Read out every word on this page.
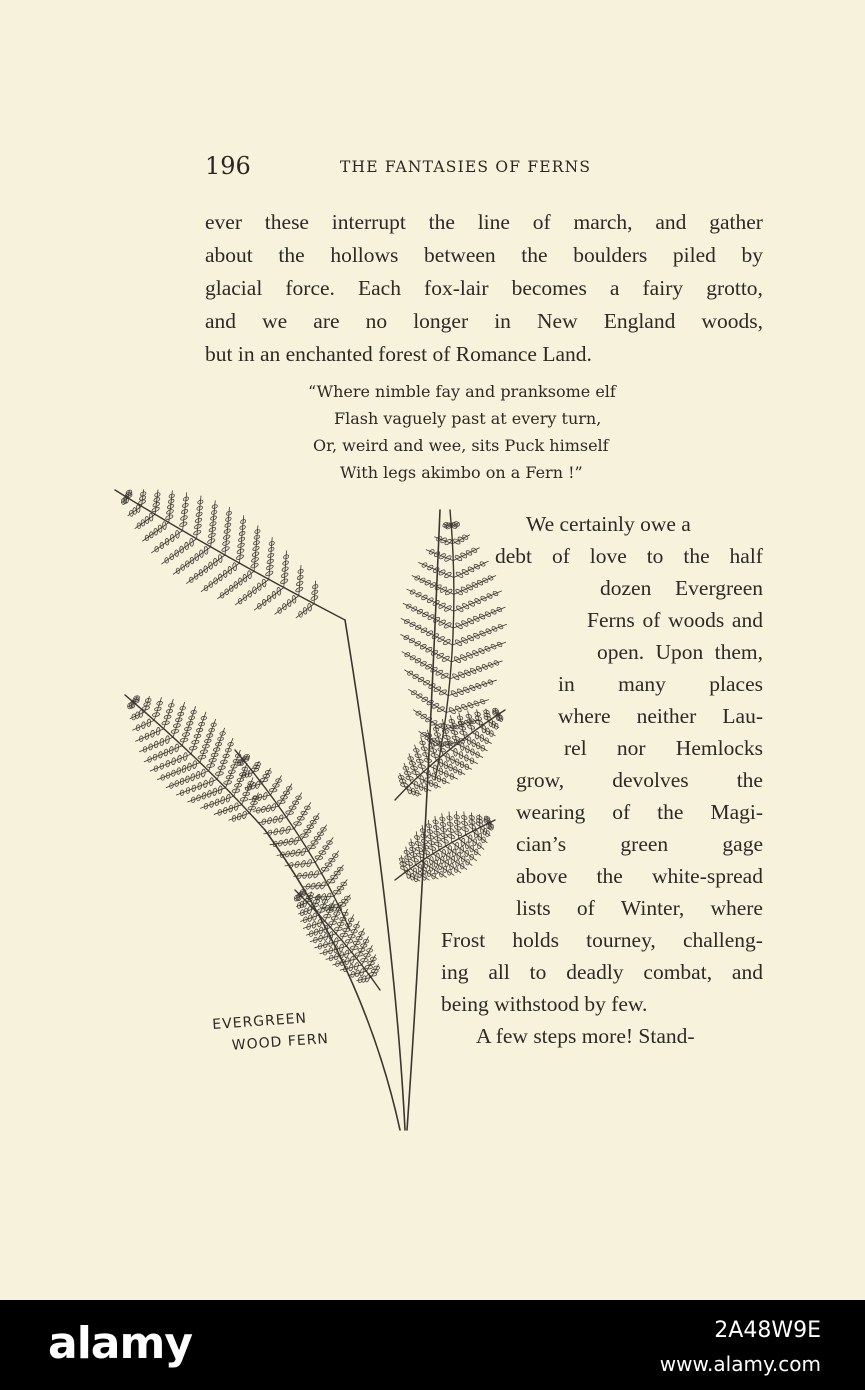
196	THE FANTASIES OF FERNS
ever these interrupt the line of march, and gather
about the hollows between the boulders piled by
glacial force. Each fox-lair becomes a fairy grotto,
and we are no longer in New England woods,
but in an enchanted forest of Romance Land.
“Where nimble fay and pranksome elf
Flash vaguely past at every turn,
Or, weird and wee, sits Puck himself
With legs akimbo on a Fern !”
EVERGREEN
WOOD FERN
We certainly owe a
debt of love to the half
dozen Evergreen
Ferns of woods and
open. Upon them,
in many places
where neither Lau-
rel nor Hemlocks
grow, devolves the
wearing of the Magi-
cian’s	green	gage
above the white-spread
lists of Winter, where
Frost holds tourney, challeng-
ing all to deadly combat, and
being withstood by few.
A few steps more! Stand-
alamy	2A48W9E
www.alamy.com
